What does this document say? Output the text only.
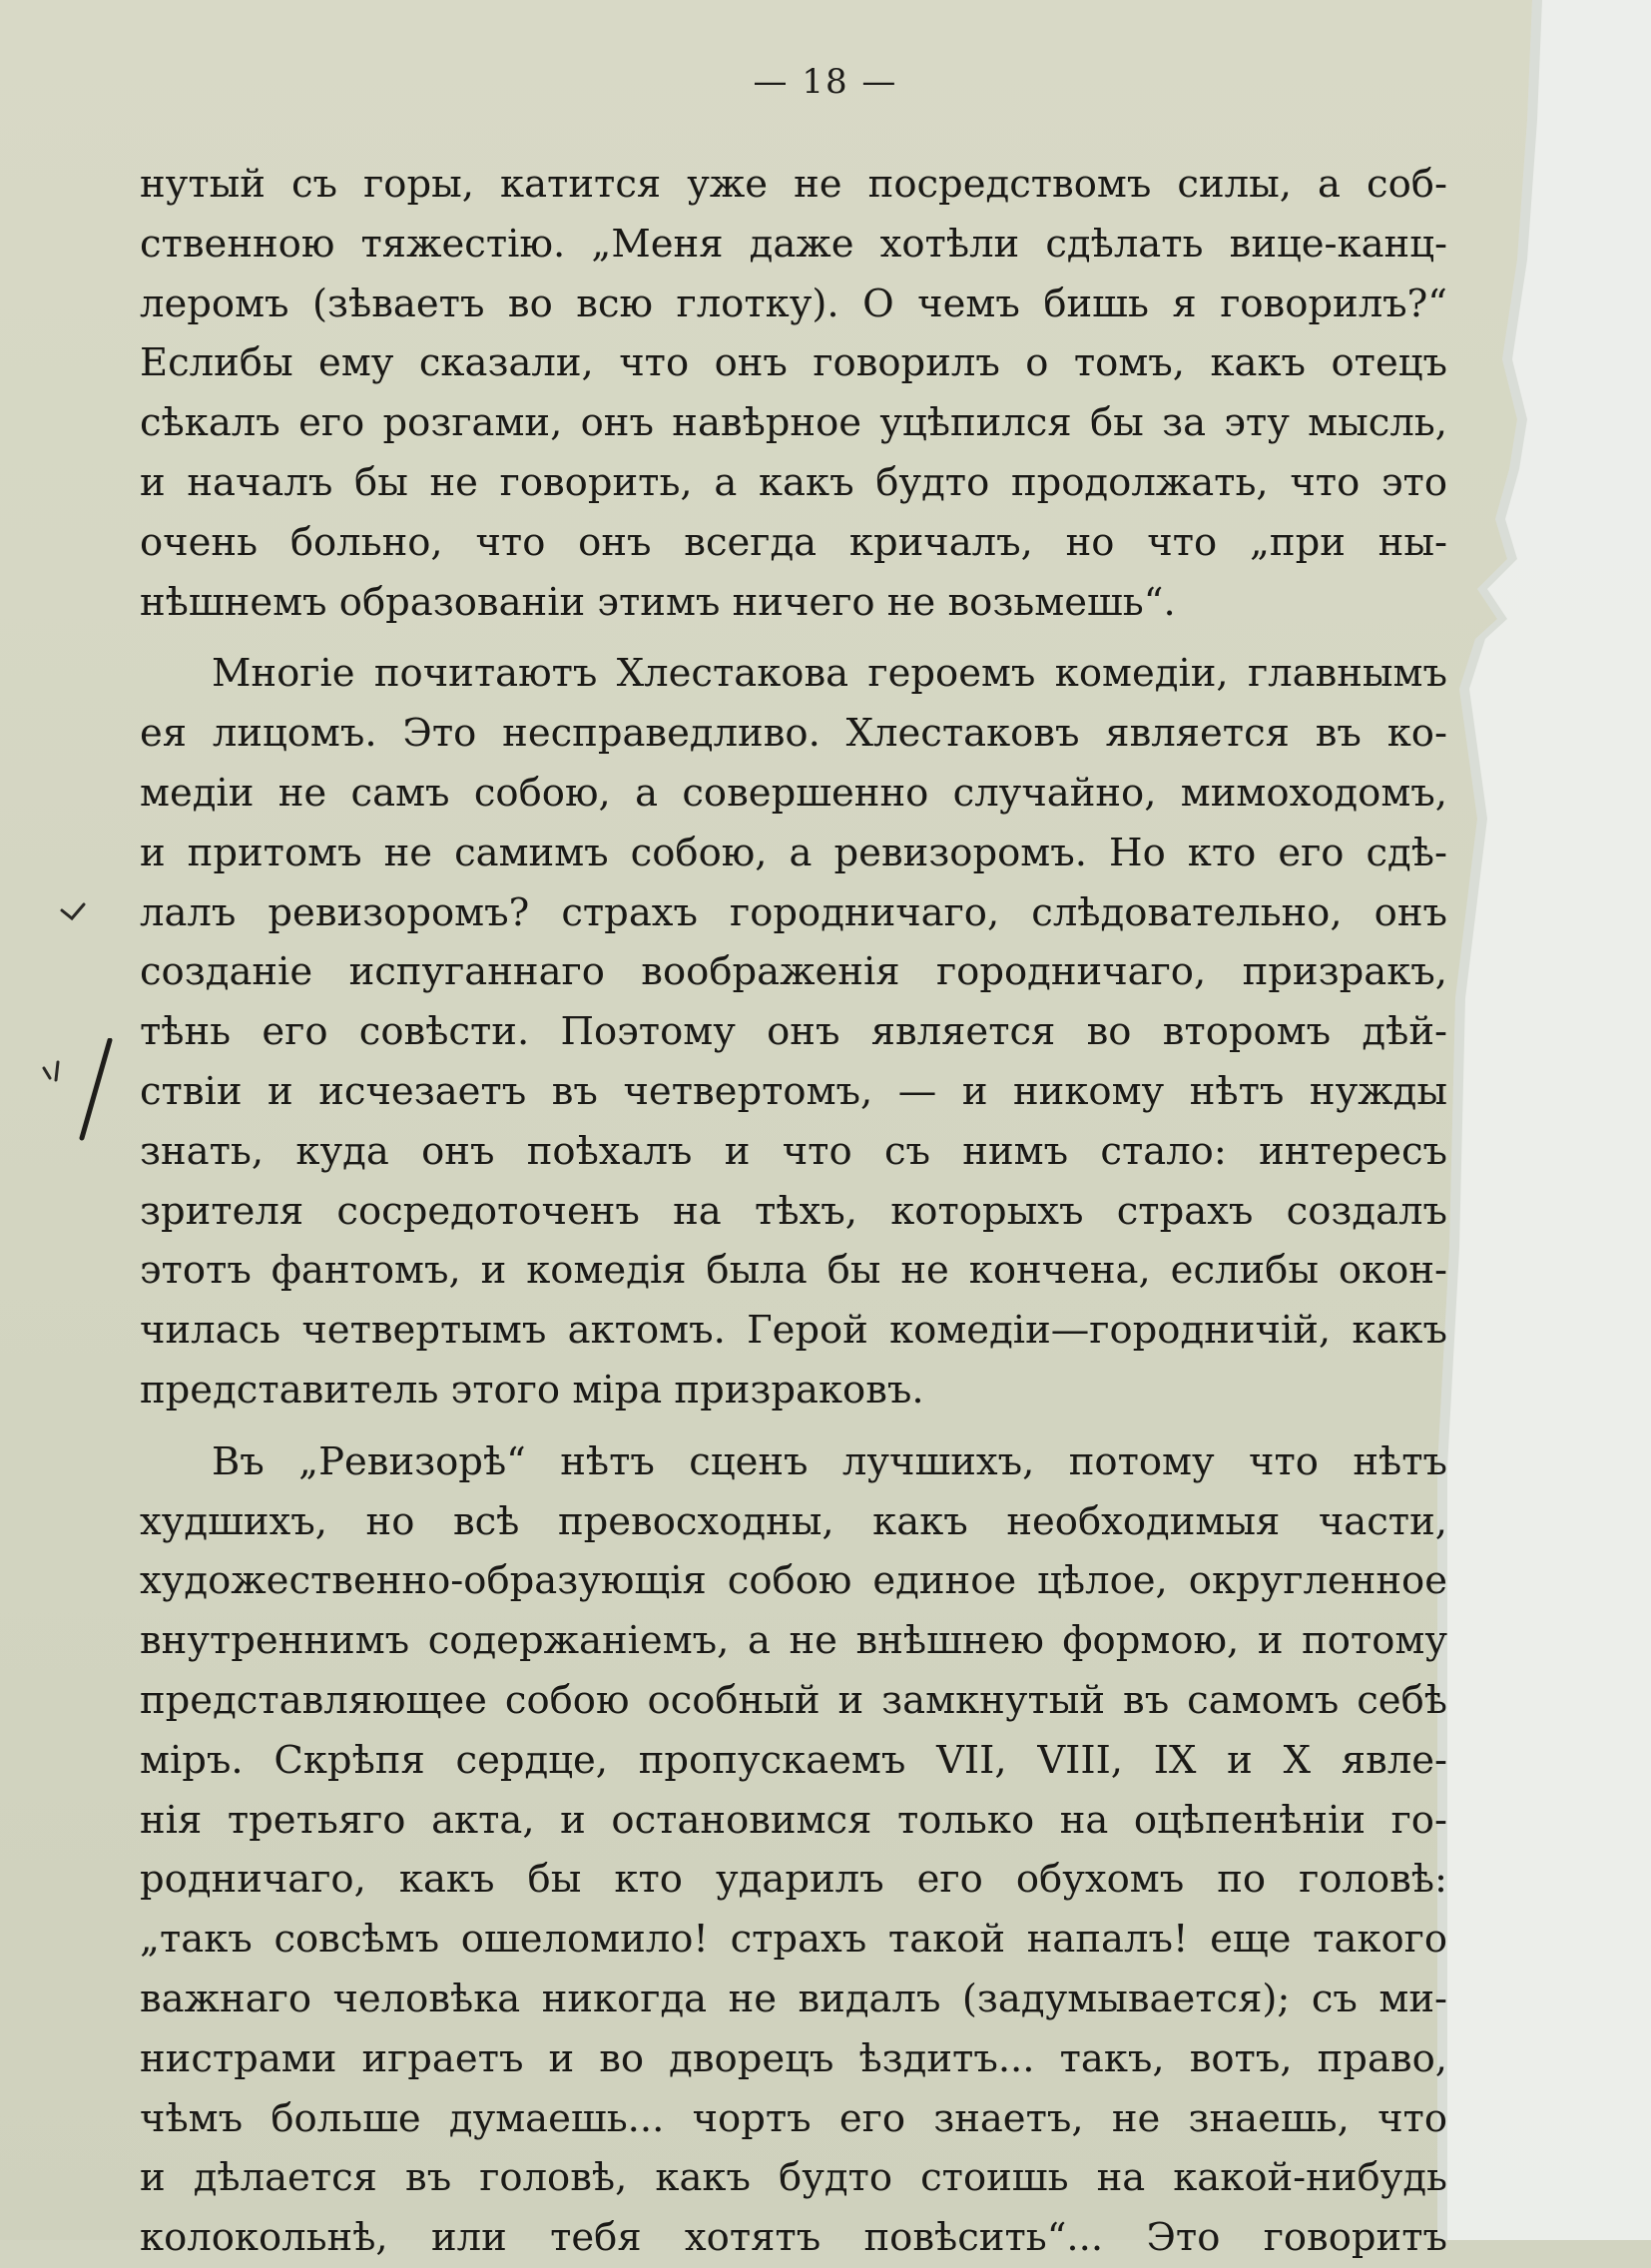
— 18 —
нутый съ горы, катится уже не посредствомъ силы, а соб-
ственною тяжестію. „Меня даже хотѣли сдѣлать вице-канц-
леромъ (зѣваетъ во всю глотку). О чемъ бишь я говорилъ?“
Еслибы ему сказали, что онъ говорилъ о томъ, какъ отецъ
сѣкалъ его розгами, онъ навѣрное уцѣпился бы за эту мысль,
и началъ бы не говорить, а какъ будто продолжать, что это
очень больно, что онъ всегда кричалъ, но что „при ны-
нѣшнемъ образованіи этимъ ничего не возьмешь“.
Многіе почитаютъ Хлестакова героемъ комедіи, главнымъ
ея лицомъ. Это несправедливо. Хлестаковъ является въ ко-
медіи не самъ собою, а совершенно случайно, мимоходомъ,
и притомъ не самимъ собою, а ревизоромъ. Но кто его сдѣ-
лалъ ревизоромъ? страхъ городничаго, слѣдовательно, онъ
созданіе испуганнаго воображенія городничаго, призракъ,
тѣнь его совѣсти. Поэтому онъ является во второмъ дѣй-
ствіи и исчезаетъ въ четвертомъ, — и никому нѣтъ нужды
знать, куда онъ поѣхалъ и что съ нимъ стало: интересъ
зрителя сосредоточенъ на тѣхъ, которыхъ страхъ создалъ
этотъ фантомъ, и комедія была бы не кончена, еслибы окон-
чилась четвертымъ актомъ. Герой комедіи—городничій, какъ
представитель этого міра призраковъ.
Въ „Ревизорѣ“ нѣтъ сценъ лучшихъ, потому что нѣтъ
худшихъ, но всѣ превосходны, какъ необходимыя части,
художественно-образующія собою единое цѣлое, округленное
внутреннимъ содержаніемъ, а не внѣшнею формою, и потому
представляющее собою особный и замкнутый въ самомъ себѣ
міръ. Скрѣпя сердце, пропускаемъ VII, VIII, IX и X явле-
нія третьяго акта, и остановимся только на оцѣпенѣніи го-
родничаго, какъ бы кто ударилъ его обухомъ по головѣ:
„такъ совсѣмъ ошеломило! страхъ такой напалъ! еще такого
важнаго человѣка никогда не видалъ (задумывается); съ ми-
нистрами играетъ и во дворецъ ѣздитъ... такъ, вотъ, право,
чѣмъ больше думаешь... чортъ его знаетъ, не знаешь, что
и дѣлается въ головѣ, какъ будто стоишь на какой-нибудь
колокольнѣ, или тебя хотятъ повѣсить“... Это говоритъ
